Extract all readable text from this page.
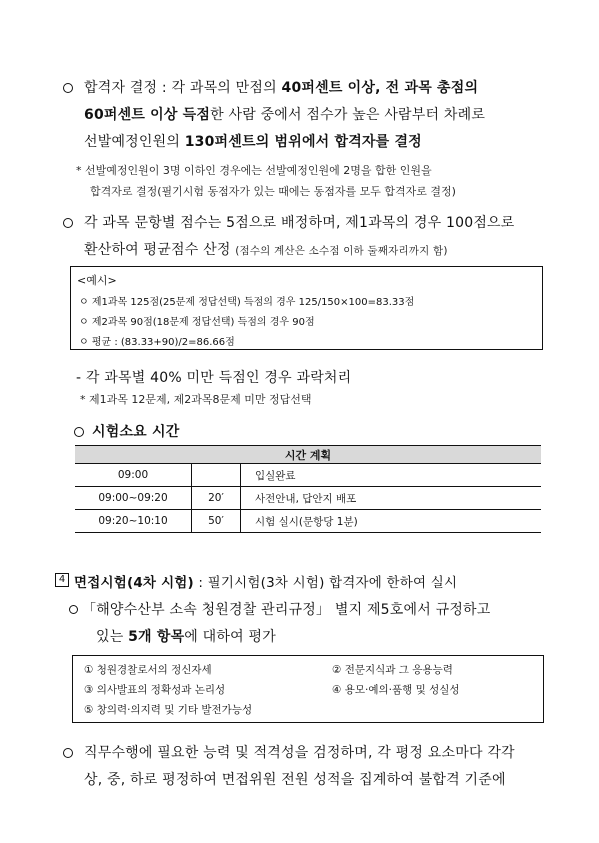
합격자 결정 : 각 과목의 만점의 40퍼센트 이상, 전 과목 총점의
60퍼센트 이상 득점한 사람 중에서 점수가 높은 사람부터 차례로
선발예정인원의 130퍼센트의 범위에서 합격자를 결정
* 선발예정인원이 3명 이하인 경우에는 선발예정인원에 2명을 합한 인원을
합격자로 결정(필기시험 동점자가 있는 때에는 동점자를 모두 합격자로 결정)
각 과목 문항별 점수는 5점으로 배정하며, 제1과목의 경우 100점으로
환산하여 평균점수 산정 (점수의 계산은 소수점 이하 둘째자리까지 함)
<예시>
ㅇ 제1과목 125점(25문제 정답선택) 득점의 경우 125/150×100=83.33점
ㅇ 제2과목 90점(18문제 정답선택) 득점의 경우 90점
ㅇ 평균 : (83.33+90)/2=86.66점
- 각 과목별 40% 미만 득점인 경우 과락처리
* 제1과목 12문제, 제2과목8문제 미만 정답선택
시험소요 시간
시간 계획		
09:00		입실완료
09:00~09:20	20′	사전안내, 답안지 배포
09:20~10:10	50′	시험 실시(문항당 1분)
4 면접시험(4차 시험) : 필기시험(3차 시험) 합격자에 한하여 실시
「해양수산부 소속 청원경찰 관리규정」 별지 제5호에서 규정하고
있는 5개 항목에 대하여 평가
① 청원경찰로서의 정신자세	② 전문지식과 그 응용능력
③ 의사발표의 정확성과 논리성	④ 용모·예의·품행 및 성실성
⑤ 창의력·의지력 및 기타 발전가능성
직무수행에 필요한 능력 및 적격성을 검정하며, 각 평정 요소마다 각각
상, 중, 하로 평정하여 면접위원 전원 성적을 집계하여 불합격 기준에
